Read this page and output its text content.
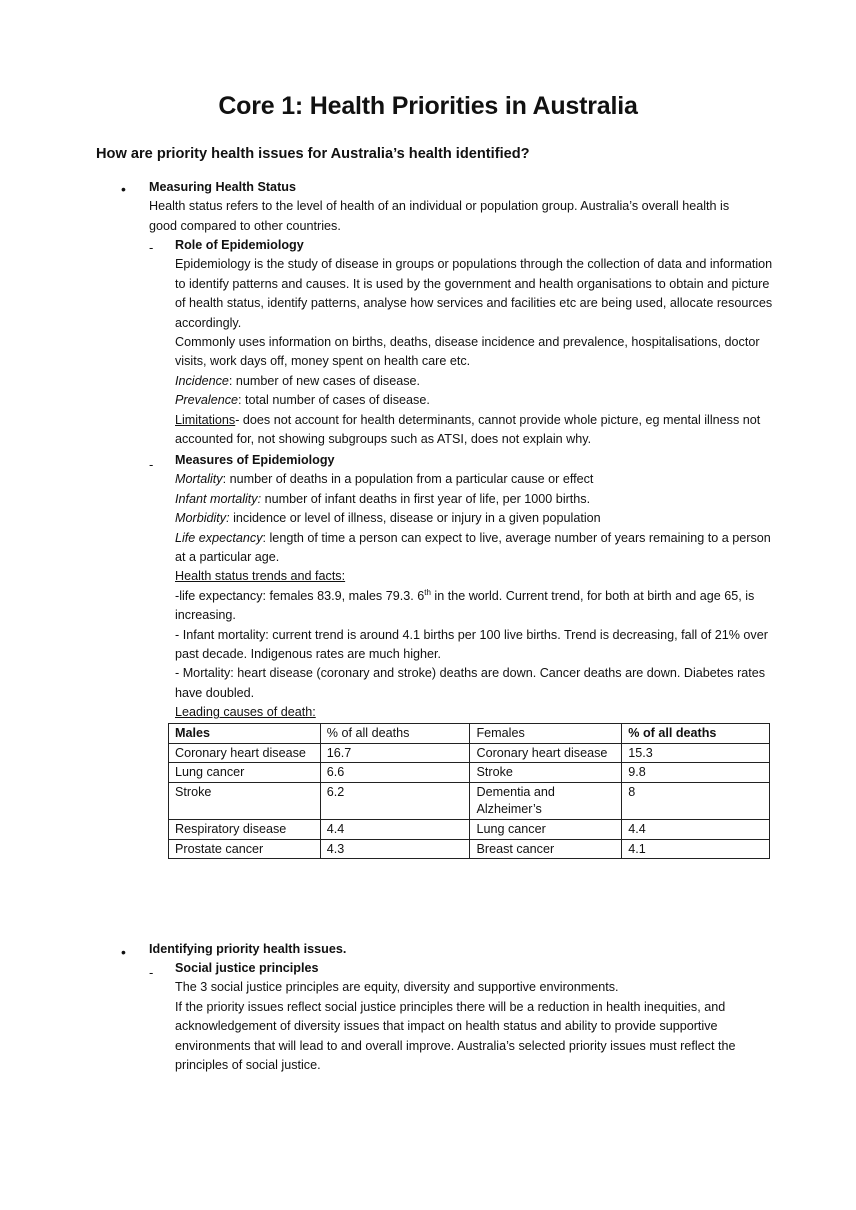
Core 1: Health Priorities in Australia
How are priority health issues for Australia’s health identified?
• Measuring Health Status

Health status refers to the level of health of an individual or population group. Australia’s overall health is good compared to other countries.

- Role of Epidemiology

Epidemiology is the study of disease in groups or populations through the collection of data and information to identify patterns and causes. It is used by the government and health organisations to obtain and picture of health status, identify patterns, analyse how services and facilities etc are being used, allocate resources accordingly.

Commonly uses information on births, deaths, disease incidence and prevalence, hospitalisations, doctor visits, work days off, money spent on health care etc.

Incidence: number of new cases of disease.

Prevalence: total number of cases of disease.

Limitations- does not account for health determinants, cannot provide whole picture, eg mental illness not accounted for, not showing subgroups such as ATSI, does not explain why.

- Measures of Epidemiology

Mortality: number of deaths in a population from a particular cause or effect

Infant mortality: number of infant deaths in first year of life, per 1000 births.

Morbidity: incidence or level of illness, disease or injury in a given population

Life expectancy: length of time a person can expect to live, average number of years remaining to a person at a particular age.

Health status trends and facts:

-life expectancy: females 83.9, males 79.3. 6th in the world. Current trend, for both at birth and age 65, is increasing.

- Infant mortality: current trend is around 4.1 births per 100 live births. Trend is decreasing, fall of 21% over past decade. Indigenous rates are much higher.

- Mortality: heart disease (coronary and stroke) deaths are down. Cancer deaths are down. Diabetes rates have doubled.

Leading causes of death:

Males	% of all deaths	Females	% of all deaths
Coronary heart disease	16.7	Coronary heart disease	15.3
Lung cancer	6.6	Stroke	9.8
Stroke	6.2	Dementia and Alzheimer’s	8
Respiratory disease	4.4	Lung cancer	4.4
Prostate cancer	4.3	Breast cancer	4.1
• Identifying priority health issues.

- Social justice principles

The 3 social justice principles are equity, diversity and supportive environments.

If the priority issues reflect social justice principles there will be a reduction in health inequities, and acknowledgement of diversity issues that impact on health status and ability to provide supportive environments that will lead to and overall improve. Australia’s selected priority issues must reflect the principles of social justice.
